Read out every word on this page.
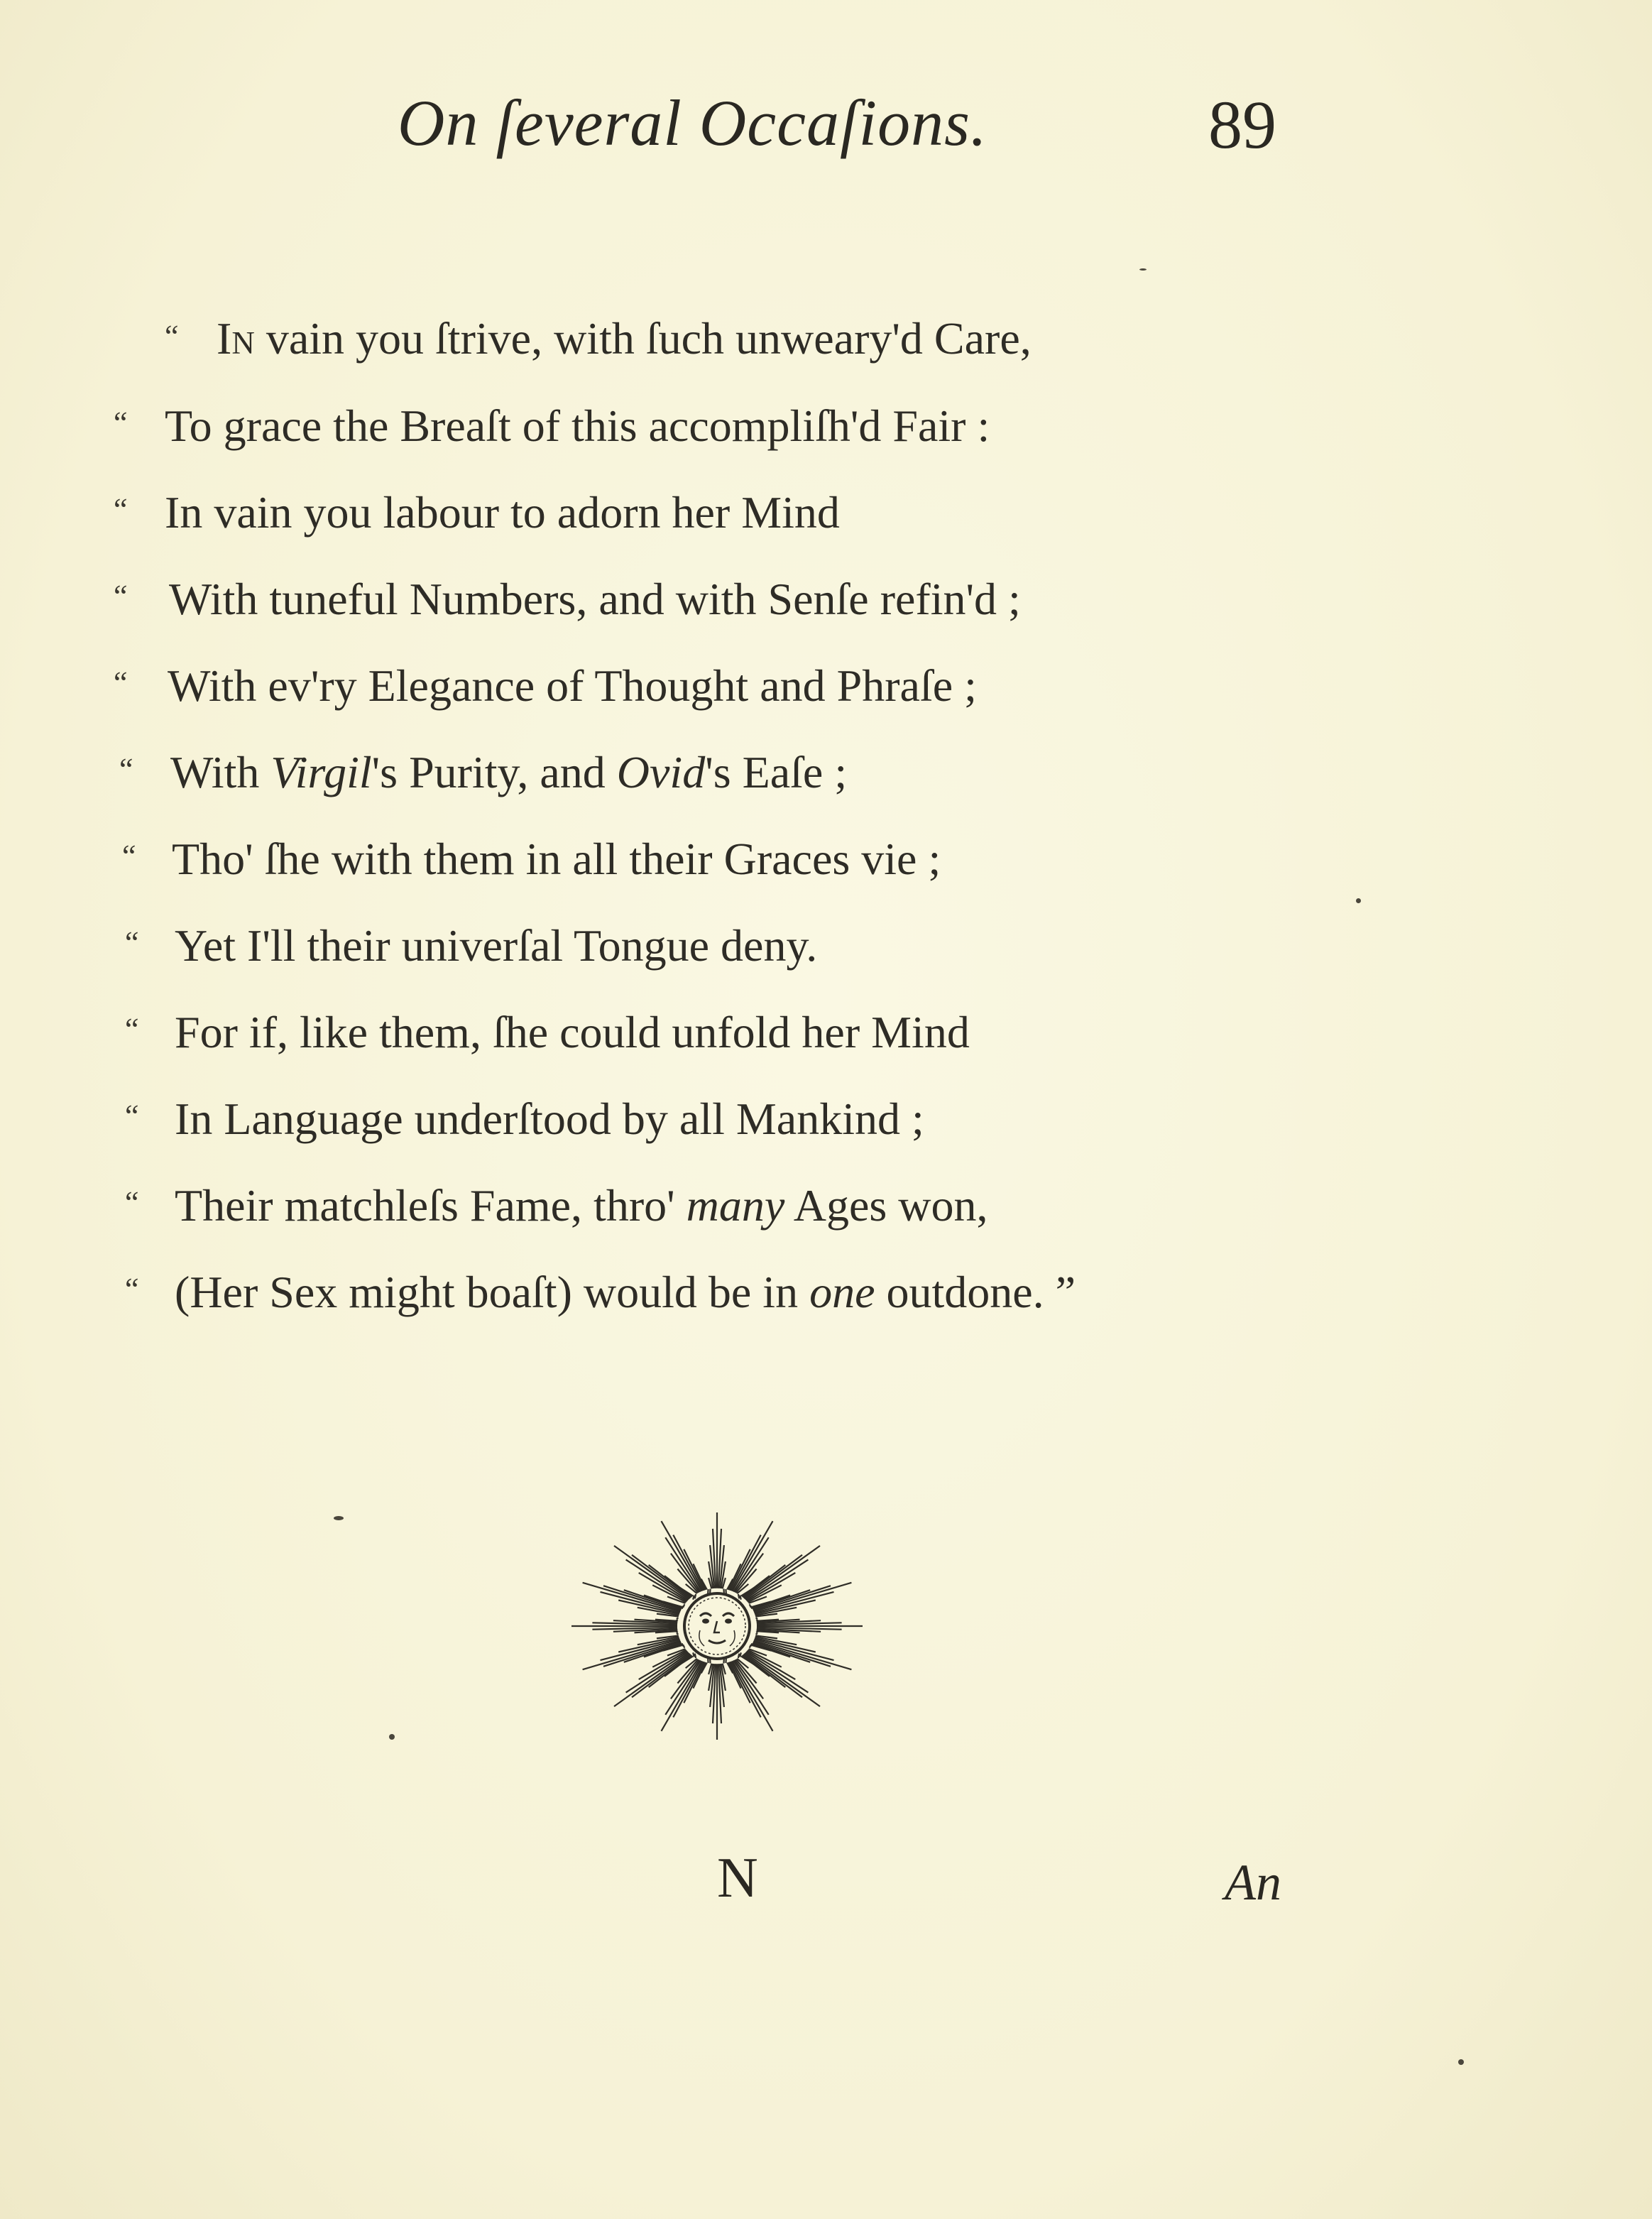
On ſeveral Occaſions.	89
“ In vain you ſtrive, with ſuch unweary'd Care,
“ To grace the Breaſt of this accompliſh'd Fair :
“ In vain you labour to adorn her Mind
“ With tuneful Numbers, and with Senſe refin'd ;
“ With ev'ry Elegance of Thought and Phraſe ;
“ With Virgil's Purity, and Ovid's Eaſe ;
“ Tho' ſhe with them in all their Graces vie ;
“ Yet I'll their univerſal Tongue deny.
“ For if, like them, ſhe could unfold her Mind
“ In Language underſtood by all Mankind ;
“ Their matchleſs Fame, thro' many Ages won,
“ (Her Sex might boaſt) would be in one outdone. ”
N	An
